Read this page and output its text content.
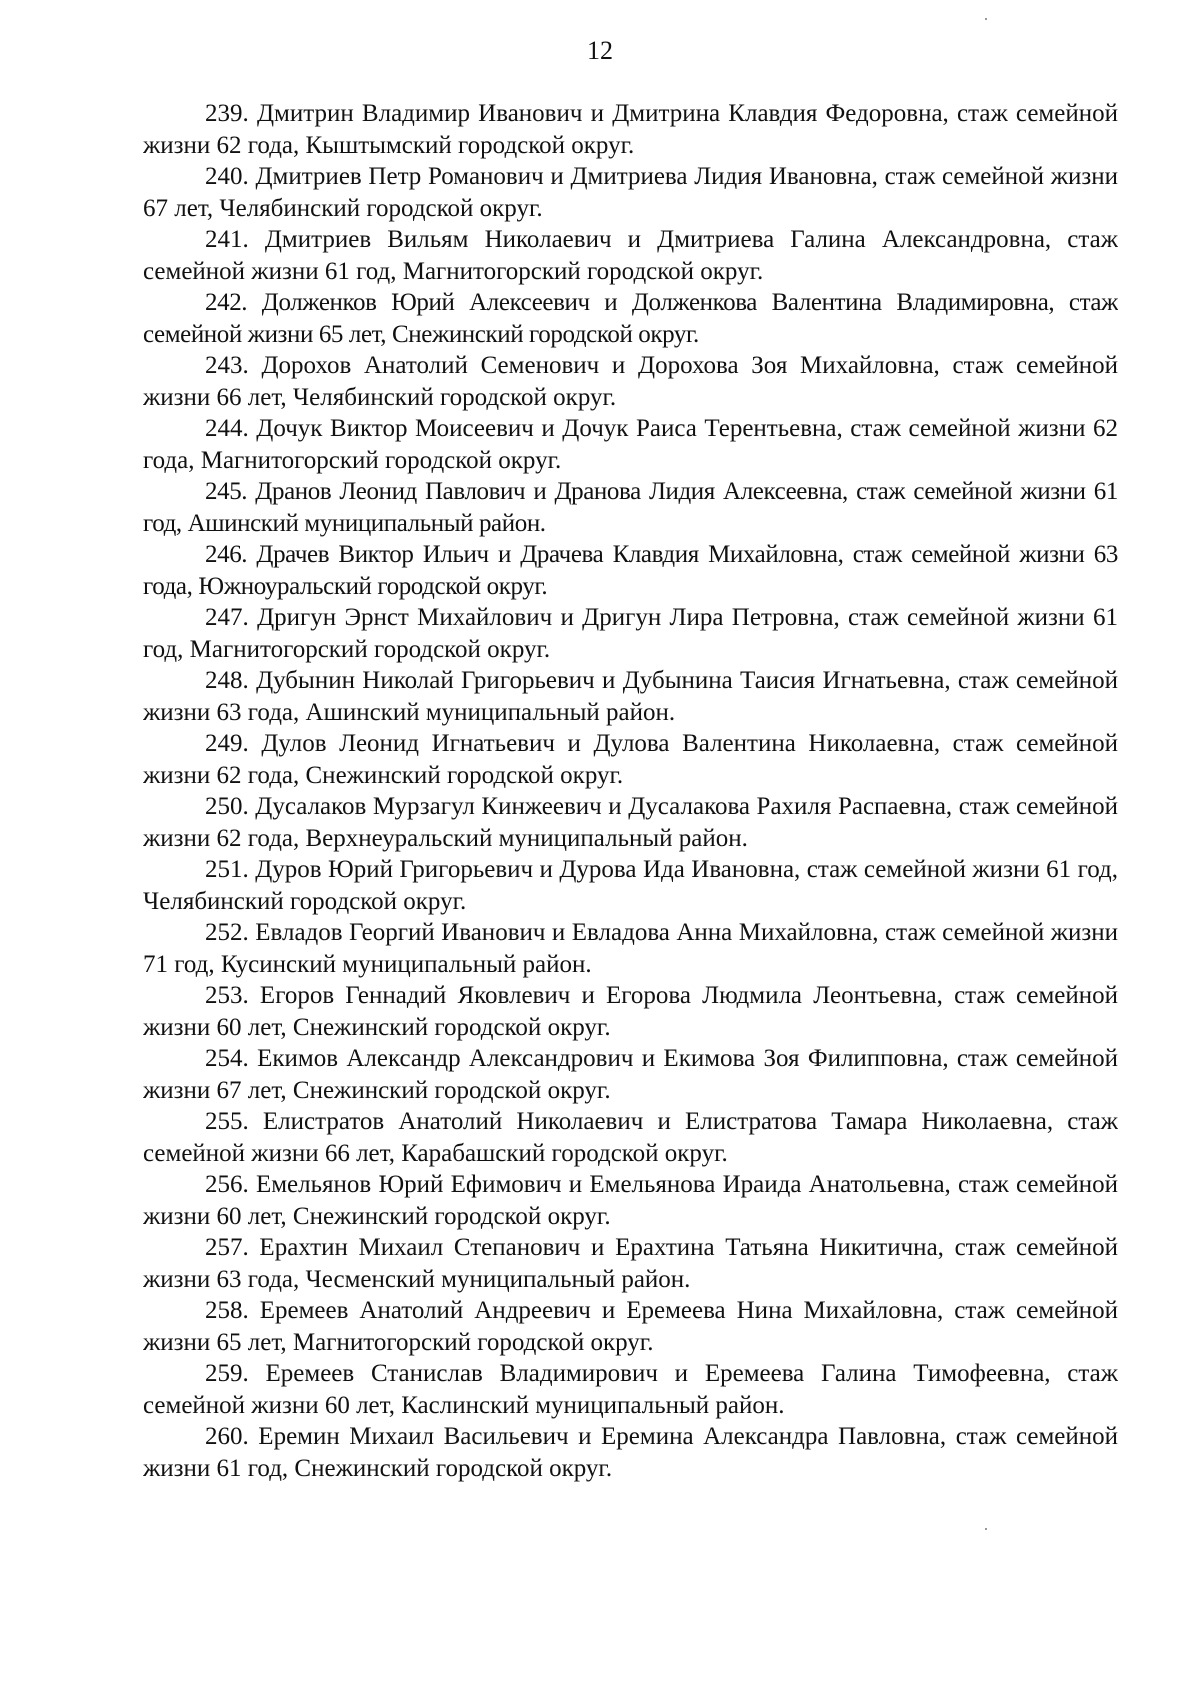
12

239. Дмитрин Владимир Иванович и Дмитрина Клавдия Федоровна, стаж семейной жизни 62 года, Кыштымский городской округ.

240. Дмитриев Петр Романович и Дмитриева Лидия Ивановна, стаж семейной жизни 67 лет, Челябинский городской округ.

241. Дмитриев Вильям Николаевич и Дмитриева Галина Александровна, стаж семейной жизни 61 год, Магнитогорский городской округ.

242. Долженков Юрий Алексеевич и Долженкова Валентина Владимировна, стаж семейной жизни 65 лет, Снежинский городской округ.

243. Дорохов Анатолий Семенович и Дорохова Зоя Михайловна, стаж семейной жизни 66 лет, Челябинский городской округ.

244. Дочук Виктор Моисеевич и Дочук Раиса Терентьевна, стаж семейной жизни 62 года, Магнитогорский городской округ.

245. Дранов Леонид Павлович и Дранова Лидия Алексеевна, стаж семейной жизни 61 год, Ашинский муниципальный район.

246. Драчев Виктор Ильич и Драчева Клавдия Михайловна, стаж семейной жизни 63 года, Южноуральский городской округ.

247. Дригун Эрнст Михайлович и Дригун Лира Петровна, стаж семейной жизни 61 год, Магнитогорский городской округ.

248. Дубынин Николай Григорьевич и Дубынина Таисия Игнатьевна, стаж семейной жизни 63 года, Ашинский муниципальный район.

249. Дулов Леонид Игнатьевич и Дулова Валентина Николаевна, стаж семейной жизни 62 года, Снежинский городской округ.

250. Дусалаков Мурзагул Кинжеевич и Дусалакова Рахиля Распаевна, стаж семейной жизни 62 года, Верхнеуральский муниципальный район.

251. Дуров Юрий Григорьевич и Дурова Ида Ивановна, стаж семейной жизни 61 год, Челябинский городской округ.

252. Евладов Георгий Иванович и Евладова Анна Михайловна, стаж семейной жизни 71 год, Кусинский муниципальный район.

253. Егоров Геннадий Яковлевич и Егорова Людмила Леонтьевна, стаж семейной жизни 60 лет, Снежинский городской округ.

254. Екимов Александр Александрович и Екимова Зоя Филипповна, стаж семейной жизни 67 лет, Снежинский городской округ.

255. Елистратов Анатолий Николаевич и Елистратова Тамара Николаевна, стаж семейной жизни 66 лет, Карабашский городской округ.

256. Емельянов Юрий Ефимович и Емельянова Ираида Анатольевна, стаж семейной жизни 60 лет, Снежинский городской округ.

257. Ерахтин Михаил Степанович и Ерахтина Татьяна Никитична, стаж семейной жизни 63 года, Чесменский муниципальный район.

258. Еремеев Анатолий Андреевич и Еремеева Нина Михайловна, стаж семейной жизни 65 лет, Магнитогорский городской округ.

259. Еремеев Станислав Владимирович и Еремеева Галина Тимофеевна, стаж семейной жизни 60 лет, Каслинский муниципальный район.

260. Еремин Михаил Васильевич и Еремина Александра Павловна, стаж семейной жизни 61 год, Снежинский городской округ.
